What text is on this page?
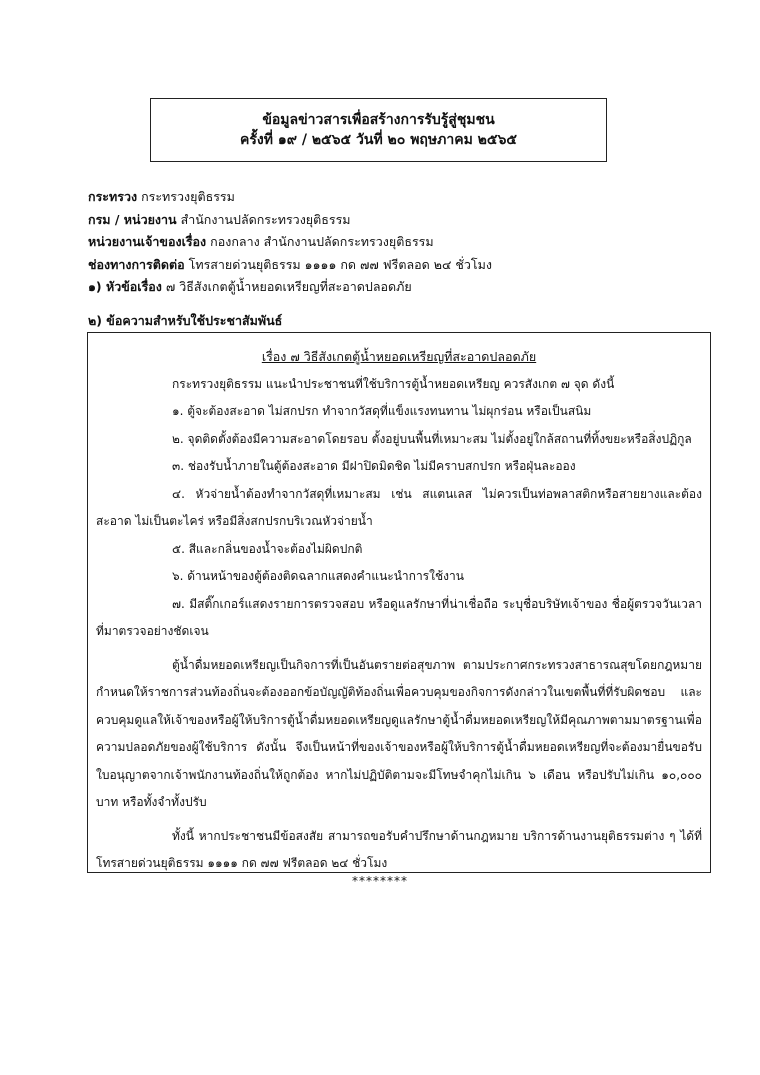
ข้อมูลข่าวสารเพื่อสร้างการรับรู้สู่ชุมชน
ครั้งที่ ๑๙ / ๒๕๖๕ วันที่ ๒๐ พฤษภาคม ๒๕๖๕
กระทรวง กระทรวงยุติธรรม
กรม / หน่วยงาน สำนักงานปลัดกระทรวงยุติธรรม
หน่วยงานเจ้าของเรื่อง กองกลาง สำนักงานปลัดกระทรวงยุติธรรม
ช่องทางการติดต่อ โทรสายด่วนยุติธรรม ๑๑๑๑ กด ๗๗ ฟรีตลอด ๒๔ ชั่วโมง
๑) หัวข้อเรื่อง ๗ วิธีสังเกตตู้น้ำหยอดเหรียญที่สะอาดปลอดภัย
๒) ข้อความสำหรับใช้ประชาสัมพันธ์
เรื่อง ๗ วิธีสังเกตตู้น้ำหยอดเหรียญที่สะอาดปลอดภัย

กระทรวงยุติธรรม แนะนำประชาชนที่ใช้บริการตู้น้ำหยอดเหรียญ ควรสังเกต ๗ จุด ดังนี้

๑. ตู้จะต้องสะอาด ไม่สกปรก ทำจากวัสดุที่แข็งแรงทนทาน ไม่ผุกร่อน หรือเป็นสนิม

๒. จุดติดตั้งต้องมีความสะอาดโดยรอบ ตั้งอยู่บนพื้นที่เหมาะสม ไม่ตั้งอยู่ใกล้สถานที่ทิ้งขยะหรือสิ่งปฏิกูล

๓. ช่องรับน้ำภายในตู้ต้องสะอาด มีฝาปิดมิดชิด ไม่มีคราบสกปรก หรือฝุ่นละออง

๔. หัวจ่ายน้ำต้องทำจากวัสดุที่เหมาะสม เช่น สแตนเลส ไม่ควรเป็นท่อพลาสติกหรือสายยางและต้องสะอาด ไม่เป็นตะไคร่ หรือมีสิ่งสกปรกบริเวณหัวจ่ายน้ำ

๕. สีและกลิ่นของน้ำจะต้องไม่ผิดปกติ

๖. ด้านหน้าของตู้ต้องติดฉลากแสดงคำแนะนำการใช้งาน

๗. มีสติ๊กเกอร์แสดงรายการตรวจสอบ หรือดูแลรักษาที่น่าเชื่อถือ ระบุชื่อบริษัทเจ้าของ ชื่อผู้ตรวจวันเวลาที่มาตรวจอย่างชัดเจน

ตู้น้ำดื่มหยอดเหรียญเป็นกิจการที่เป็นอันตรายต่อสุขภาพ ตามประกาศกระทรวงสาธารณสุขโดยกฎหมายกำหนดให้ราชการส่วนท้องถิ่นจะต้องออกข้อบัญญัติท้องถิ่นเพื่อควบคุมของกิจการดังกล่าวในเขตพื้นที่ที่รับผิดชอบ และควบคุมดูแลให้เจ้าของหรือผู้ให้บริการตู้น้ำดื่มหยอดเหรียญดูแลรักษาตู้น้ำดื่มหยอดเหรียญให้มีคุณภาพตามมาตรฐานเพื่อความปลอดภัยของผู้ใช้บริการ ดังนั้น จึงเป็นหน้าที่ของเจ้าของหรือผู้ให้บริการตู้น้ำดื่มหยอดเหรียญที่จะต้องมายื่นขอรับใบอนุญาตจากเจ้าพนักงานท้องถิ่นให้ถูกต้อง หากไม่ปฏิบัติตามจะมีโทษจำคุกไม่เกิน ๖ เดือน หรือปรับไม่เกิน ๑๐,๐๐๐ บาท หรือทั้งจำทั้งปรับ

ทั้งนี้ หากประชาชนมีข้อสงสัย สามารถขอรับคำปรึกษาด้านกฎหมาย บริการด้านงานยุติธรรมต่าง ๆ ได้ที่โทรสายด่วนยุติธรรม ๑๑๑๑ กด ๗๗ ฟรีตลอด ๒๔ ชั่วโมง

********
